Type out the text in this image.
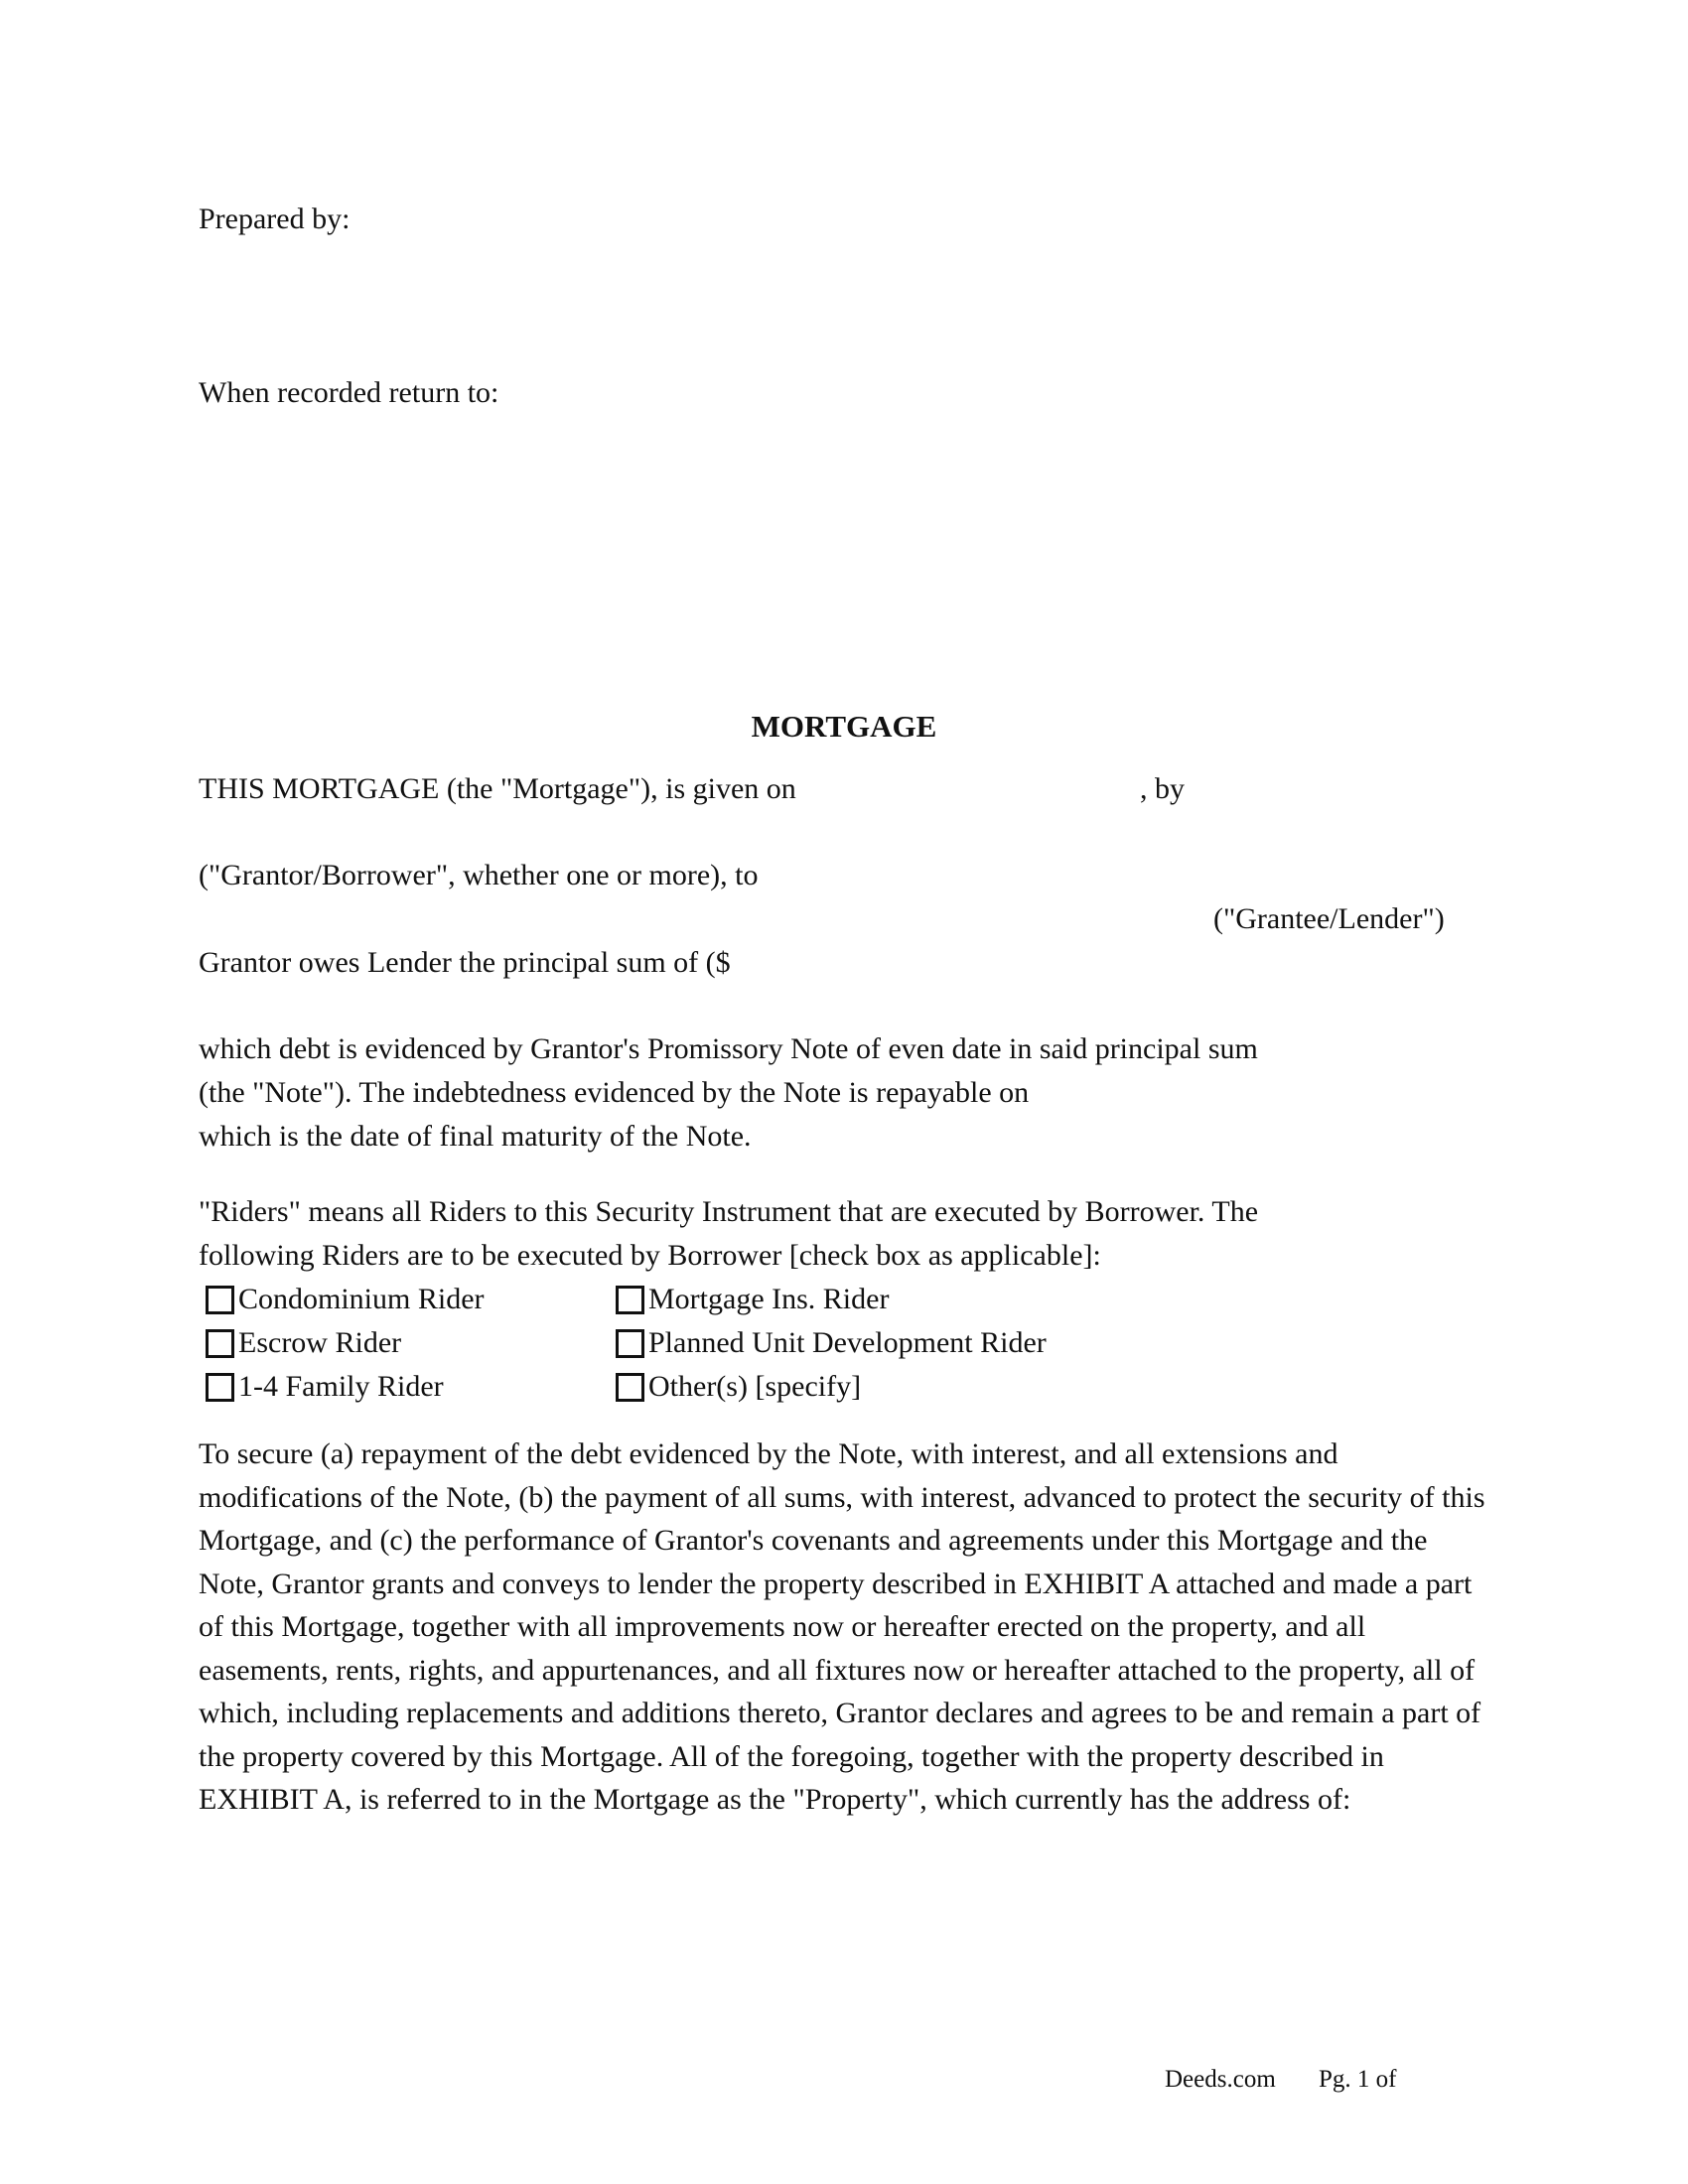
Prepared by:
When recorded return to:
MORTGAGE
THIS MORTGAGE (the "Mortgage"), is given on	, by
("Grantor/Borrower", whether one or more), to
("Grantee/Lender")
Grantor owes Lender the principal sum of ($
which debt is evidenced by Grantor's Promissory Note of even date in said principal sum
(the "Note"). The indebtedness evidenced by the Note is repayable on
which is the date of final maturity of the Note.
"Riders" means all Riders to this Security Instrument that are executed by Borrower. The
following Riders are to be executed by Borrower [check box as applicable]:
Condominium Rider	Mortgage Ins. Rider
Escrow Rider	Planned Unit Development Rider
1-4 Family Rider	Other(s) [specify]
To secure (a) repayment of the debt evidenced by the Note, with interest, and all extensions and modifications of the Note, (b) the payment of all sums, with interest, advanced to protect the security of this Mortgage, and (c) the performance of Grantor's covenants and agreements under this Mortgage and the Note, Grantor grants and conveys to lender the property described in EXHIBIT A attached and made a part of this Mortgage, together with all improvements now or hereafter erected on the property, and all easements, rents, rights, and appurtenances, and all fixtures now or hereafter attached to the property, all of which, including replacements and additions thereto, Grantor declares and agrees to be and remain a part of the property covered by this Mortgage. All of the foregoing, together with the property described in EXHIBIT A, is referred to in the Mortgage as the "Property", which currently has the address of:
Deeds.com Pg. 1 of
